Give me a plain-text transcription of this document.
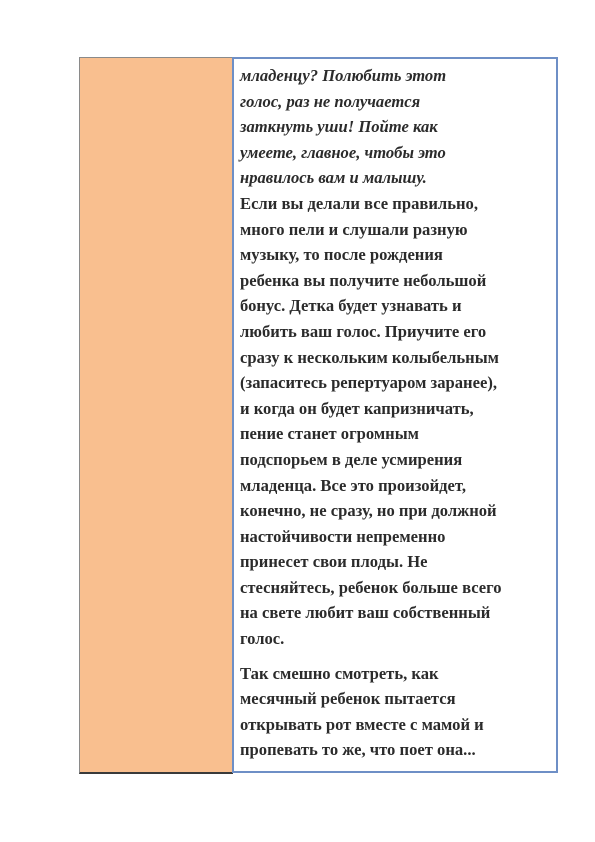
младенцу? Полюбить этот
голос, раз не получается
заткнуть уши! Пойте как
умеете, главное, чтобы это
нравилось вам и малышу.

Если вы делали все правильно,
много пели и слушали разную
музыку, то после рождения
ребенка вы получите небольшой
бонус. Детка будет узнавать и
любить ваш голос. Приучите его
сразу к нескольким колыбельным
(запаситесь репертуаром заранее),
и когда он будет капризничать,
пение станет огромным
подспорьем в деле усмирения
младенца. Все это произойдет,
конечно, не сразу, но при должной
настойчивости непременно
принесет свои плоды. Не
стесняйтесь, ребенок больше всего
на свете любит ваш собственный
голос.

Так смешно смотреть, как
месячный ребенок пытается
открывать рот вместе с мамой и
пропевать то же, что поет она...
